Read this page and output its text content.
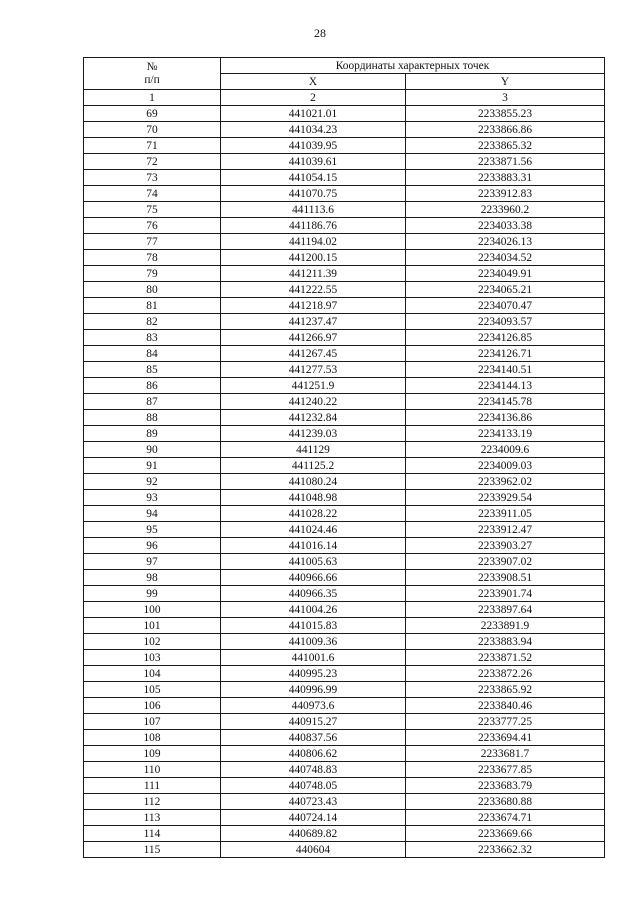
28
№
п/п	Координаты характерных точек	
	X	Y
1	2	3
69	441021.01	2233855.23
70	441034.23	2233866.86
71	441039.95	2233865.32
72	441039.61	2233871.56
73	441054.15	2233883.31
74	441070.75	2233912.83
75	441113.6	2233960.2
76	441186.76	2234033.38
77	441194.02	2234026.13
78	441200.15	2234034.52
79	441211.39	2234049.91
80	441222.55	2234065.21
81	441218.97	2234070.47
82	441237.47	2234093.57
83	441266.97	2234126.85
84	441267.45	2234126.71
85	441277.53	2234140.51
86	441251.9	2234144.13
87	441240.22	2234145.78
88	441232.84	2234136.86
89	441239.03	2234133.19
90	441129	2234009.6
91	441125.2	2234009.03
92	441080.24	2233962.02
93	441048.98	2233929.54
94	441028.22	2233911.05
95	441024.46	2233912.47
96	441016.14	2233903.27
97	441005.63	2233907.02
98	440966.66	2233908.51
99	440966.35	2233901.74
100	441004.26	2233897.64
101	441015.83	2233891.9
102	441009.36	2233883.94
103	441001.6	2233871.52
104	440995.23	2233872.26
105	440996.99	2233865.92
106	440973.6	2233840.46
107	440915.27	2233777.25
108	440837.56	2233694.41
109	440806.62	2233681.7
110	440748.83	2233677.85
111	440748.05	2233683.79
112	440723.43	2233680.88
113	440724.14	2233674.71
114	440689.82	2233669.66
115	440604	2233662.32
